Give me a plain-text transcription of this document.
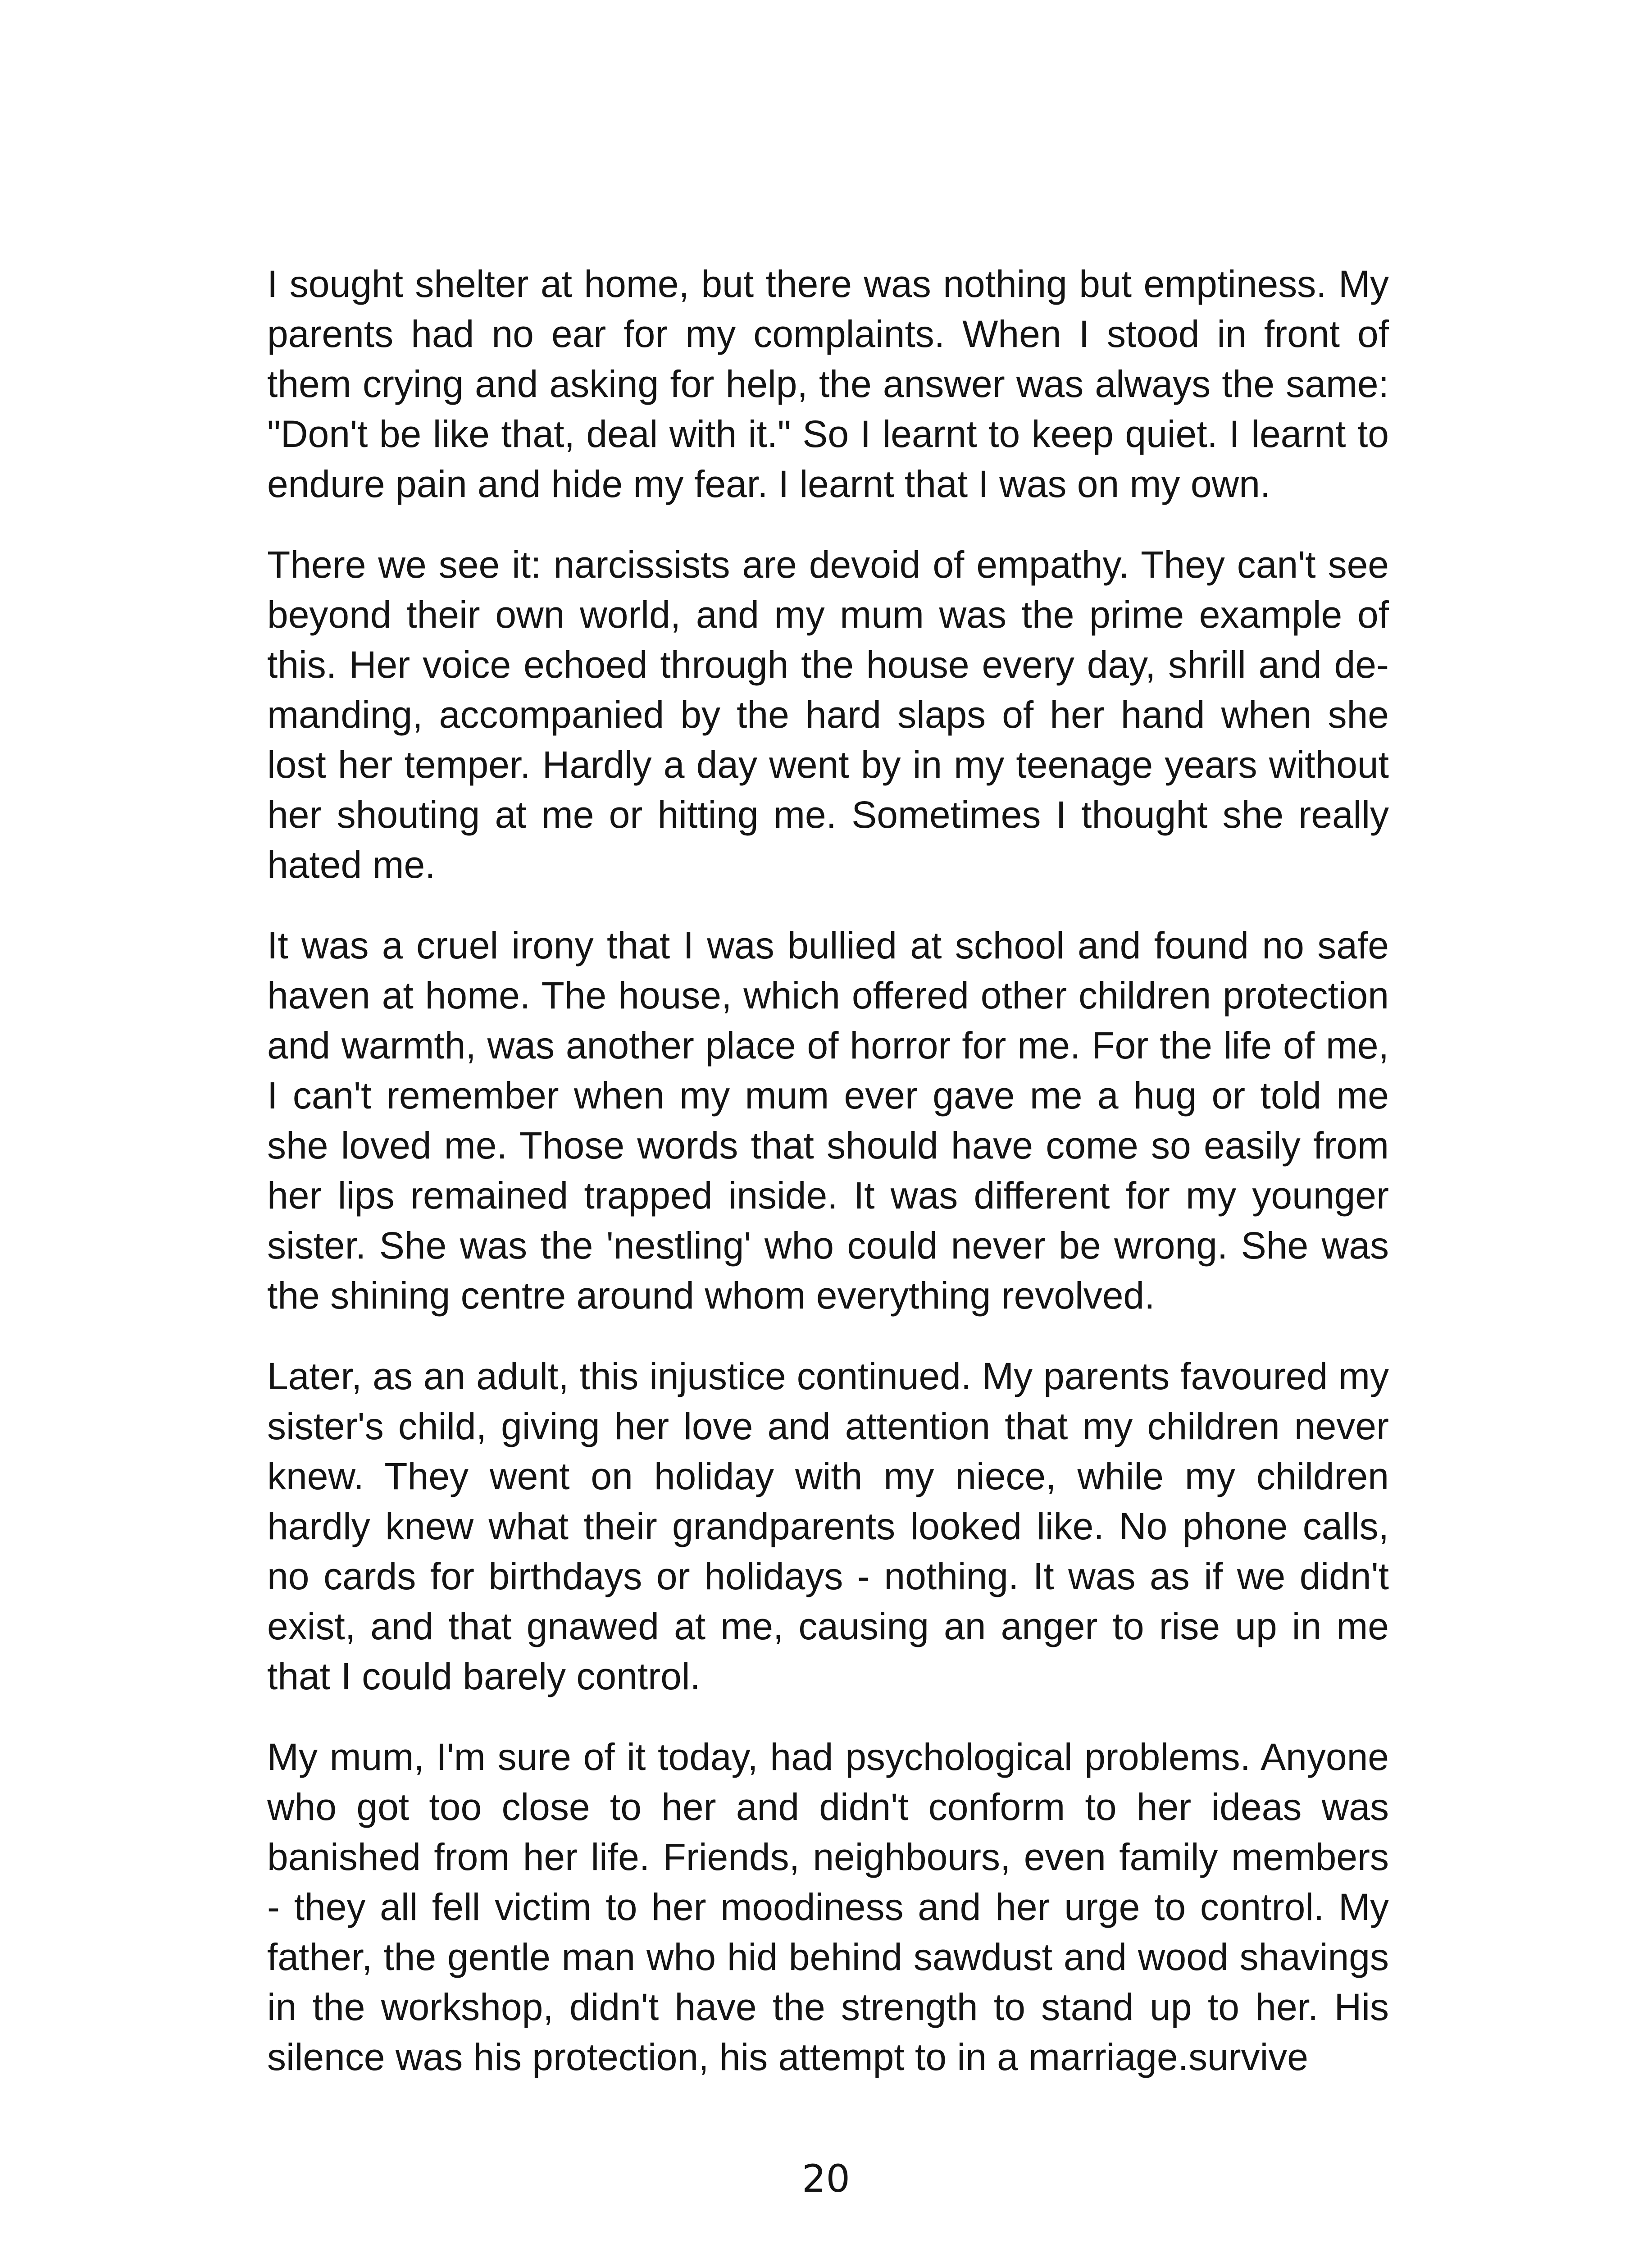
I sought shelter at home, but there was nothing but emptiness. My parents had no ear for my complaints. When I stood in front of them crying and asking for help, the answer was always the same: "Don't be like that, deal with it." So I learnt to keep quiet. I learnt to endure pain and hide my fear. I learnt that I was on my own.

There we see it: narcissists are devoid of empathy. They can't see beyond their own world, and my mum was the prime example of this. Her voice echoed through the house every day, shrill and demanding, accompanied by the hard slaps of her hand when she lost her temper. Hardly a day went by in my teenage years without her shouting at me or hitting me. Sometimes I thought she really hated me.

It was a cruel irony that I was bullied at school and found no safe haven at home. The house, which offered other children protection and warmth, was another place of horror for me. For the life of me, I can't remember when my mum ever gave me a hug or told me she loved me. Those words that should have come so easily from her lips remained trapped inside. It was different for my younger sister. She was the 'nestling' who could never be wrong. She was the shining centre around whom everything revolved.

Later, as an adult, this injustice continued. My parents favoured my sister's child, giving her love and attention that my children never knew. They went on holiday with my niece, while my children hardly knew what their grandparents looked like. No phone calls, no cards for birthdays or holidays - nothing. It was as if we didn't exist, and that gnawed at me, causing an anger to rise up in me that I could barely control.

My mum, I'm sure of it today, had psychological problems. Anyone who got too close to her and didn't conform to her ideas was banished from her life. Friends, neighbours, even family members - they all fell victim to her moodiness and her urge to control. My father, the gentle man who hid behind sawdust and wood shavings in the workshop, didn't have the strength to stand up to her. His silence was his protection, his attempt to in a marriage.survive

20
